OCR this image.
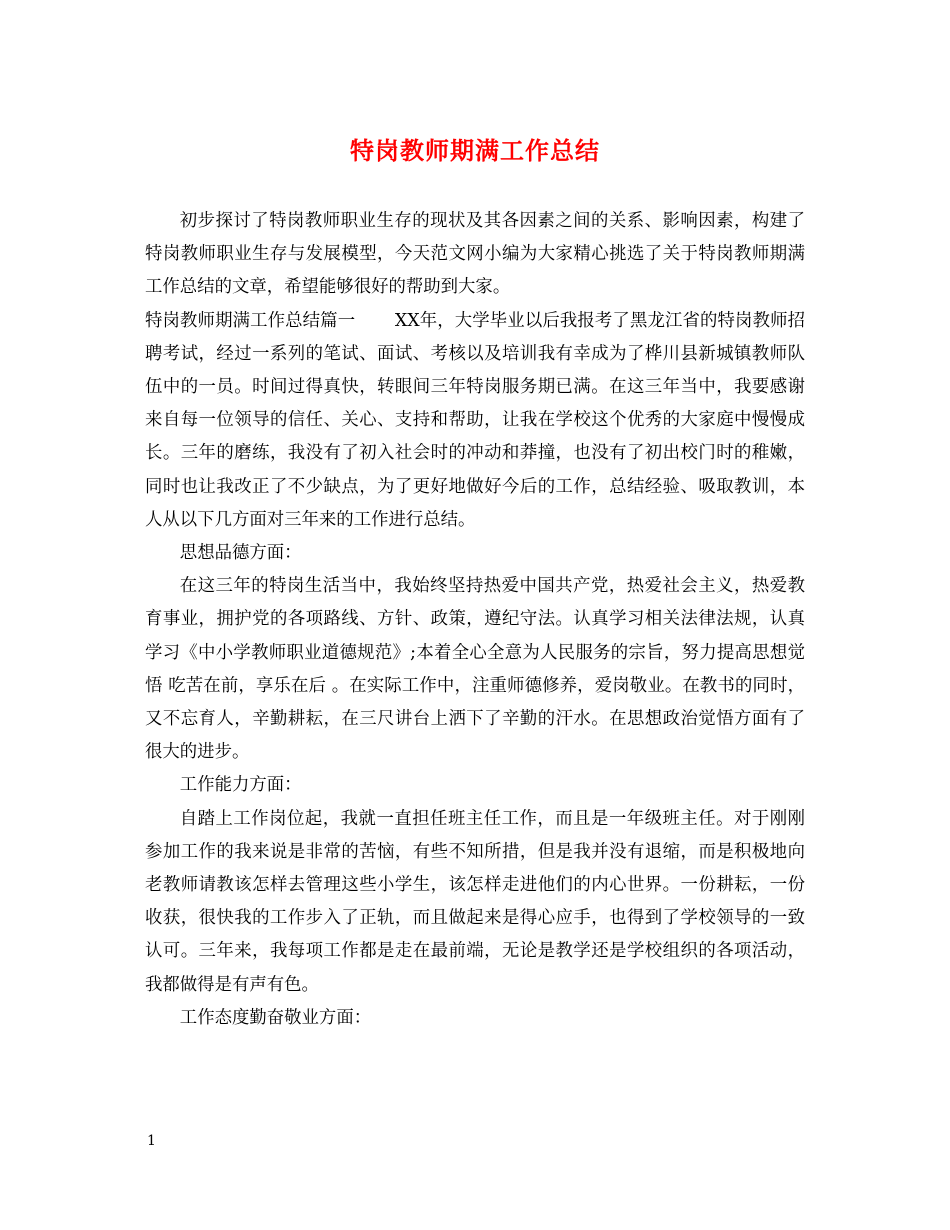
特岗教师期满工作总结

初步探讨了特岗教师职业生存的现状及其各因素之间的关系、影响因素，构建了特岗教师职业生存与发展模型，今天范文网小编为大家精心挑选了关于特岗教师期满工作总结的文章，希望能够很好的帮助到大家。

特岗教师期满工作总结篇一 XX年，大学毕业以后我报考了黑龙江省的特岗教师招聘考试，经过一系列的笔试、面试、考核以及培训我有幸成为了桦川县新城镇教师队伍中的一员。时间过得真快，转眼间三年特岗服务期已满。在这三年当中，我要感谢来自每一位领导的信任、关心、支持和帮助，让我在学校这个优秀的大家庭中慢慢成长。三年的磨练，我没有了初入社会时的冲动和莽撞，也没有了初出校门时的稚嫩，同时也让我改正了不少缺点，为了更好地做好今后的工作，总结经验、吸取教训，本人从以下几方面对三年来的工作进行总结。

思想品德方面：

在这三年的特岗生活当中，我始终坚持热爱中国共产党，热爱社会主义，热爱教育事业，拥护党的各项路线、方针、政策，遵纪守法。认真学习相关法律法规，认真学习《中小学教师职业道德规范》;本着全心全意为人民服务的宗旨，努力提高思想觉悟 吃苦在前，享乐在后 。在实际工作中，注重师德修养，爱岗敬业。在教书的同时，又不忘育人，辛勤耕耘，在三尺讲台上洒下了辛勤的汗水。在思想政治觉悟方面有了很大的进步。

工作能力方面：

自踏上工作岗位起，我就一直担任班主任工作，而且是一年级班主任。对于刚刚参加工作的我来说是非常的苦恼，有些不知所措，但是我并没有退缩，而是积极地向老教师请教该怎样去管理这些小学生，该怎样走进他们的内心世界。一份耕耘，一份收获，很快我的工作步入了正轨，而且做起来是得心应手，也得到了学校领导的一致认可。三年来，我每项工作都是走在最前端，无论是教学还是学校组织的各项活动，我都做得是有声有色。

工作态度勤奋敬业方面：

1
